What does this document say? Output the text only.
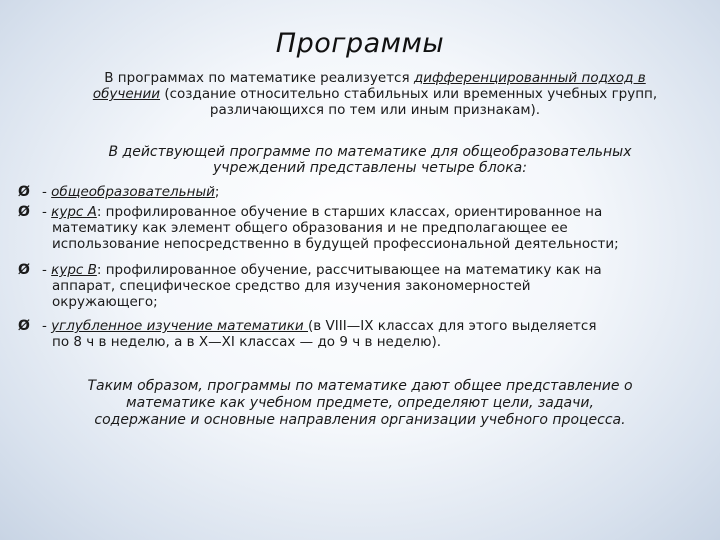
Программы
В программах по математике реализуется дифференцированный подход в
обучении (создание относительно стабильных или временных учебных групп,
различающихся по тем или иным признакам).
В действующей программе по математике для общеобразовательных
учреждений представлены четыре блока:
Ø - общеобразовательный;
Ø - курс А: профилированное обучение в старших классах, ориентированное на
математику как элемент общего образования и не предполагающее ее
использование непосредственно в будущей профессиональной деятельности;
Ø - курс В: профилированное обучение, рассчитывающее на математику как на
аппарат, специфическое средство для изучения закономерностей
окружающего;
Ø - углубленное изучение математики (в VIII—IX классах для этого выделяется
по 8 ч в неделю, а в X—XI классах — до 9 ч в неделю).
Таким образом, программы по математике дают общее представление о
математике как учебном предмете, определяют цели, задачи,
содержание и основные направления организации учебного процесса.
